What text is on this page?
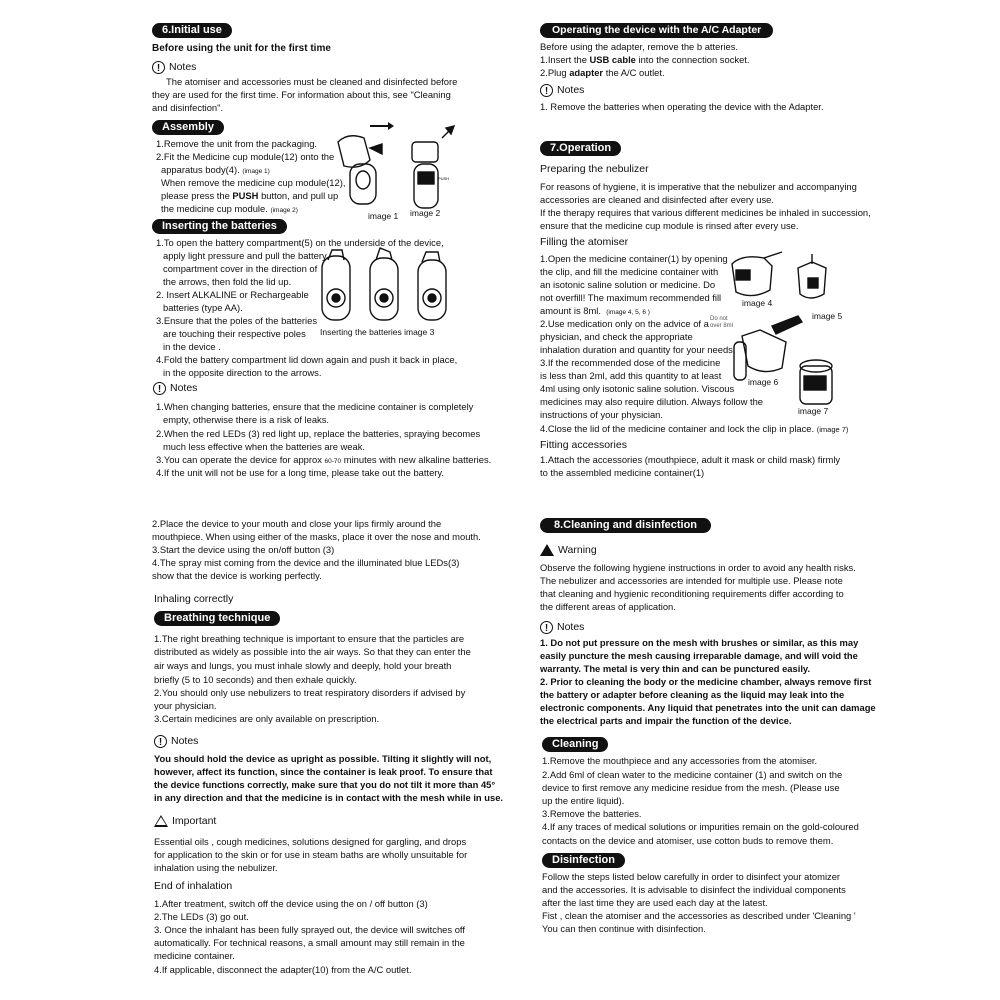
6.Initial use
Before using the unit for the first time
! Notes
The atomiser and accessories must be cleaned and disinfected before
they are used for the first time. For information about this, see "Cleaning
and disinfection".
Assembly
1.Remove the unit from the packaging.
2.Fit the Medicine cup module(12) onto the
apparatus body(4). (image 1)
When remove the medicine cup module(12),
please press the PUSH button, and pull up
the medicine cup module. (image 2)
PUSH
image 1 image 2
Inserting the batteries
1.To open the battery compartment(5) on the underside of the device,
apply light pressure and pull the battery
compartment cover in the direction of
the arrows, then fold the lid up.
2. Insert ALKALINE or Rechargeable
batteries (type AA).
3.Ensure that the poles of the batteries
are touching their respective poles
in the device .
4.Fold the battery compartment lid down again and push it back in place,
in the opposite direction to the arrows.
Inserting the batteries image 3
! Notes
1.When changing batteries, ensure that the medicine container is completely
empty, otherwise there is a risk of leaks.
2.When the red LEDs (3) red light up, replace the batteries, spraying becomes
much less effective when the batteries are weak.
3.You can operate the device for approx 60-70 minutes with new alkaline batteries.
4.If the unit will not be use for a long time, please take out the battery.
Operating the device with the A/C Adapter
Before using the adapter, remove the b atteries.
1.Insert the USB cable into the connection socket.
2.Plug adapter the A/C outlet.
! Notes
1. Remove the batteries when operating the device with the Adapter.
7.Operation
Preparing the nebulizer
For reasons of hygiene, it is imperative that the nebulizer and accompanying
accessories are cleaned and disinfected after every use.
If the therapy requires that various different medicines be inhaled in succession,
ensure that the medicine cup module is rinsed after every use.
Filling the atomiser
1.Open the medicine container(1) by opening
the clip, and fill the medicine container with
an isotonic saline solution or medicine. Do
not overfill! The maximum recommended fill
amount is 8ml. (image 4, 5, 6 )
2.Use medication only on the advice of a
physician, and check the appropriate
inhalation duration and quantity for your needs.
3.If the recommended dose of the medicine
is less than 2ml, add this quantity to at least
4ml using only isotonic saline solution. Viscous
medicines may also require dilution. Always follow the
instructions of your physician.
4.Close the lid of the medicine container and lock the clip in place. (image 7)
Do not
over 8ml
image 4
image 5
image 6
image 7
Fitting accessories
1.Attach the accessories (mouthpiece, adult it mask or child mask) firmly
to the assembled medicine container(1)
2.Place the device to your mouth and close your lips firmly around the
mouthpiece. When using either of the masks, place it over the nose and mouth.
3.Start the device using the on/off button (3)
4.The spray mist coming from the device and the illuminated blue LEDs(3)
show that the device is working perfectly.
Inhaling correctly
Breathing technique
1.The right breathing technique is important to ensure that the particles are
distributed as widely as possible into the air ways. So that they can enter the
air ways and lungs, you must inhale slowly and deeply, hold your breath
briefly (5 to 10 seconds) and then exhale quickly.
2.You should only use nebulizers to treat respiratory disorders if advised by
your physician.
3.Certain medicines are only available on prescription.
! Notes
You should hold the device as upright as possible. Tilting it slightly will not,
however, affect its function, since the container is leak proof. To ensure that
the device functions correctly, make sure that you do not tilt it more than 45°
in any direction and that the medicine is in contact with the mesh while in use.
Important
Essential oils , cough medicines, solutions designed for gargling, and drops
for application to the skin or for use in steam baths are wholly unsuitable for
inhalation using the nebulizer.
End of inhalation
1.After treatment, switch off the device using the on / off button (3)
2.The LEDs (3) go out.
3. Once the inhalant has been fully sprayed out, the device will switches off
automatically. For technical reasons, a small amount may still remain in the
medicine container.
4.If applicable, disconnect the adapter(10) from the A/C outlet.
8.Cleaning and disinfection
Warning
Observe the following hygiene instructions in order to avoid any health risks.
The nebulizer and accessories are intended for multiple use. Please note
that cleaning and hygienic reconditioning requirements differ according to
the different areas of application.
! Notes
1. Do not put pressure on the mesh with brushes or similar, as this may
easily puncture the mesh causing irreparable damage, and will void the
warranty. The metal is very thin and can be punctured easily.
2. Prior to cleaning the body or the medicine chamber, always remove first
the battery or adapter before cleaning as the liquid may leak into the
electronic components. Any liquid that penetrates into the unit can damage
the electrical parts and impair the function of the device.
Cleaning
1.Remove the mouthpiece and any accessories from the atomiser.
2.Add 6ml of clean water to the medicine container (1) and switch on the
device to first remove any medicine residue from the mesh. (Please use
up the entire liquid).
3.Remove the batteries.
4.If any traces of medical solutions or impurities remain on the gold-coloured
contacts on the device and atomiser, use cotton buds to remove them.
Disinfection
Follow the steps listed below carefully in order to disinfect your atomizer
and the accessories. It is advisable to disinfect the individual components
after the last time they are used each day at the latest.
Fist , clean the atomiser and the accessories as described under 'Cleaning '
You can then continue with disinfection.
